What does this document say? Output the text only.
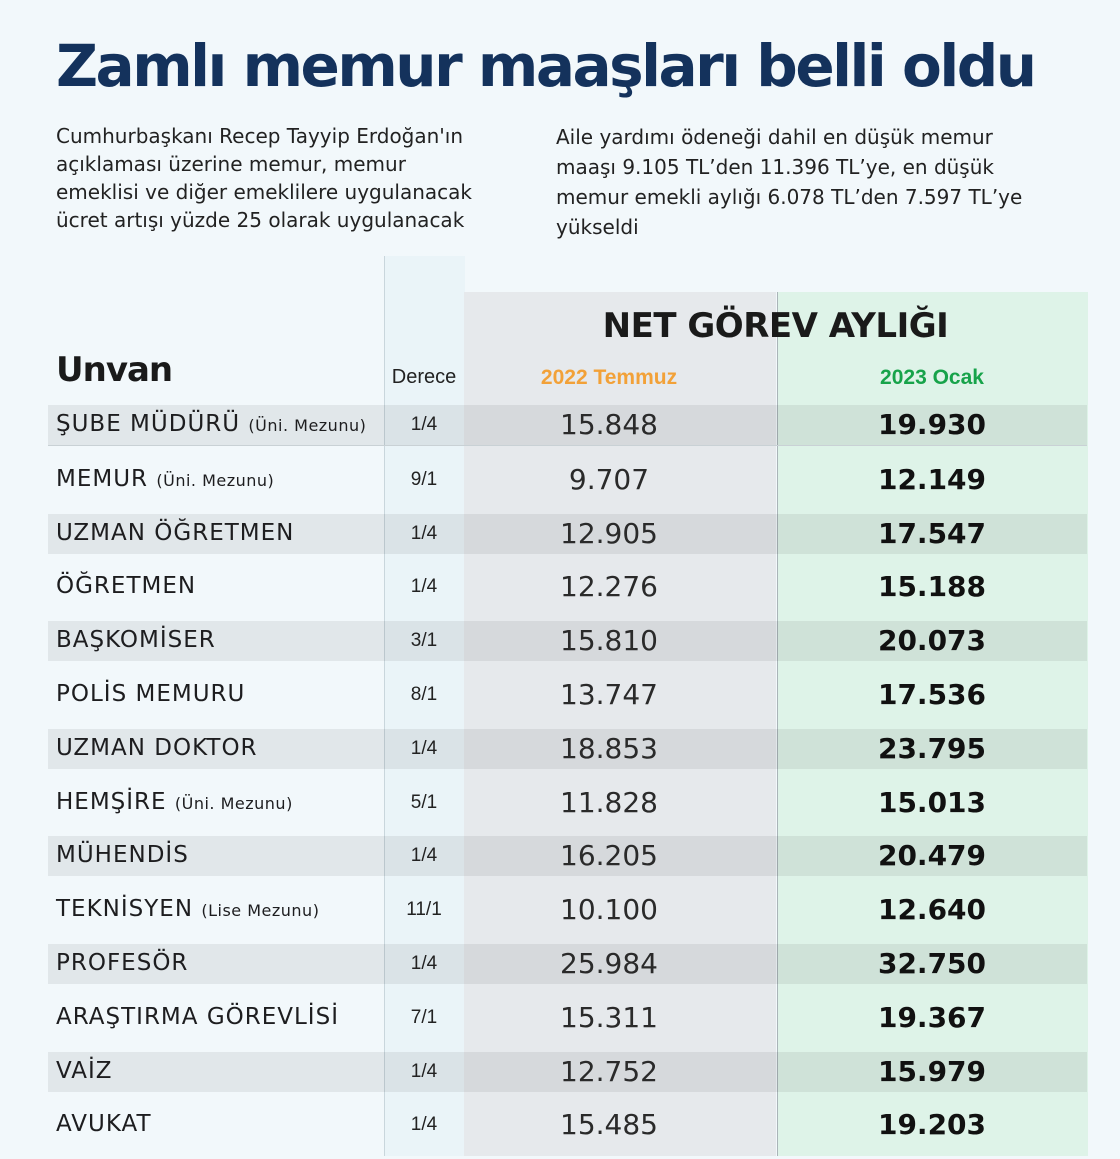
Zamlı memur maaşları belli oldu

Cumhurbaşkanı Recep Tayyip Erdoğan'ın açıklaması üzerine memur, memur emeklisi ve diğer emeklilere uygulanacak ücret artışı yüzde 25 olarak uygulanacak

Aile yardımı ödeneği dahil en düşük memur maaşı 9.105 TL’den 11.396 TL’ye, en düşük memur emekli aylığı 6.078 TL’den 7.597 TL’ye yükseldi

NET GÖREV AYLIĞI
Unvan	Derece	2022 Temmuz	2023 Ocak
ŞUBE MÜDÜRÜ (Üni. Mezunu)	1/4	15.848	19.930
MEMUR (Üni. Mezunu)	9/1	9.707	12.149
UZMAN ÖĞRETMEN	1/4	12.905	17.547
ÖĞRETMEN	1/4	12.276	15.188
BAŞKOMİSER	3/1	15.810	20.073
POLİS MEMURU	8/1	13.747	17.536
UZMAN DOKTOR	1/4	18.853	23.795
HEMŞİRE (Üni. Mezunu)	5/1	11.828	15.013
MÜHENDİS	1/4	16.205	20.479
TEKNİSYEN (Lise Mezunu)	11/1	10.100	12.640
PROFESÖR	1/4	25.984	32.750
ARAŞTIRMA GÖREVLİSİ	7/1	15.311	19.367
VAİZ	1/4	12.752	15.979
AVUKAT	1/4	15.485	19.203
